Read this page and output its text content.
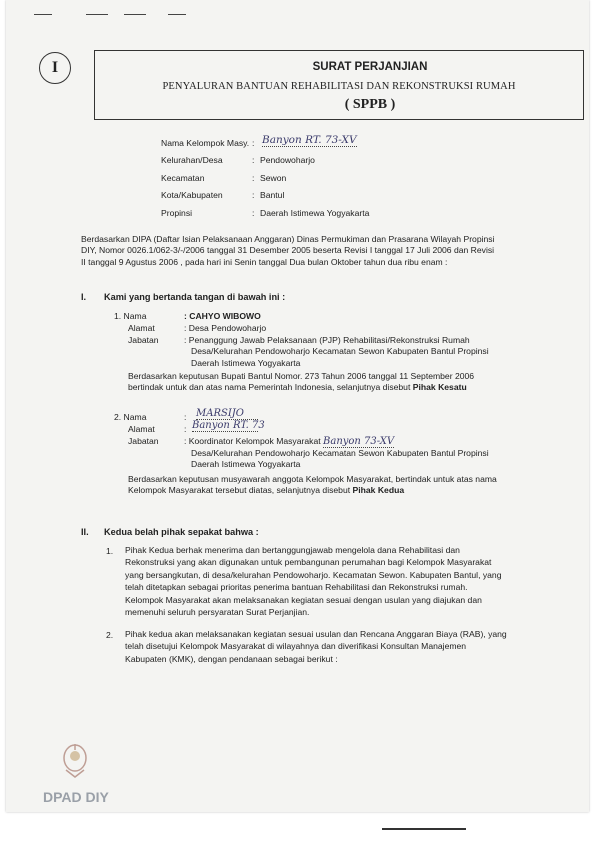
I	SURAT PERJANJIAN
PENYALURAN BANTUAN REHABILITASI DAN REKONSTRUKSI RUMAH
( SPPB )
Nama Kelompok Masy. : Banyon RT. 73-XV
Kelurahan/Desa	: Pendowoharjo
Kecamatan	: Sewon
Kota/Kabupaten	: Bantul
Propinsi	: Daerah Istimewa Yogyakarta
Berdasarkan DIPA (Daftar Isian Pelaksanaan Anggaran) Dinas Permukiman dan Prasarana Wilayah Propinsi
DIY, Nomor 0026.1/062-3/-/2006 tanggal 31 Desember 2005 beserta Revisi I tanggal 17 Juli 2006 dan Revisi
II tanggal 9 Agustus 2006 , pada hari ini Senin tanggal Dua bulan Oktober tahun dua ribu enam :
I. Kami yang bertanda tangan di bawah ini :
1. Nama	: CAHYO WIBOWO
Alamat	: Desa Pendowoharjo
Jabatan	: Penanggung Jawab Pelaksanaan (PJP) Rehabilitasi/Rekonstruksi Rumah
Desa/Kelurahan Pendowoharjo Kecamatan Sewon Kabupaten Bantul Propinsi
Daerah Istimewa Yogyakarta
Berdasarkan keputusan Bupati Bantul Nomor. 273 Tahun 2006 tanggal 11 September 2006
bertindak untuk dan atas nama Pemerintah Indonesia, selanjutnya disebut Pihak Kesatu
2. Nama	: MARSIJO
Alamat	: Banyon RT. 73
Jabatan	: Koordinator Kelompok Masyarakat Banyon 73-XV
Desa/Kelurahan Pendowoharjo Kecamatan Sewon Kabupaten Bantul Propinsi
Daerah Istimewa Yogyakarta
Berdasarkan keputusan musyawarah anggota Kelompok Masyarakat, bertindak untuk atas nama
Kelompok Masyarakat tersebut diatas, selanjutnya disebut Pihak Kedua
II. Kedua belah pihak sepakat bahwa :
1. Pihak Kedua berhak menerima dan bertanggungjawab mengelola dana Rehabilitasi dan
Rekonstruksi yang akan digunakan untuk pembangunan perumahan bagi Kelompok Masyarakat
yang bersangkutan, di desa/kelurahan Pendowoharjo. Kecamatan Sewon. Kabupaten Bantul, yang
telah ditetapkan sebagai prioritas penerima bantuan Rehabilitasi dan Rekonstruksi rumah.
Kelompok Masyarakat akan melaksanakan kegiatan sesuai dengan usulan yang diajukan dan
memenuhi seluruh persyaratan Surat Perjanjian.
2. Pihak kedua akan melaksanakan kegiatan sesuai usulan dan Rencana Anggaran Biaya (RAB), yang
telah disetujui Kelompok Masyarakat di wilayahnya dan diverifikasi Konsultan Manajemen
Kabupaten (KMK), dengan pendanaan sebagai berikut :
DPAD DIY
